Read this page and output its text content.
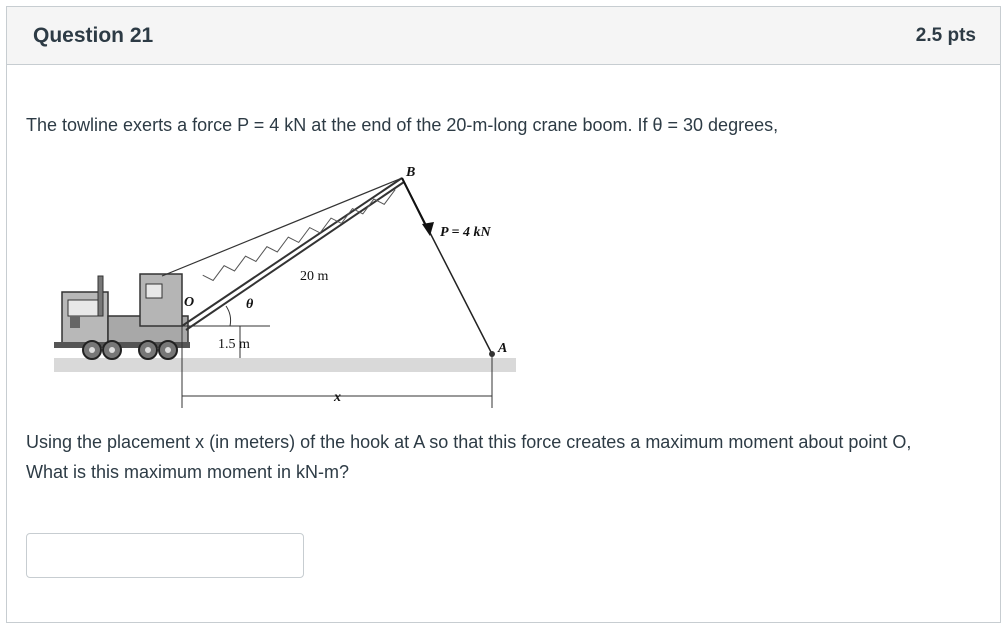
Question 21	2.5 pts
The towline exerts a force P = 4 kN at the end of the 20-m-long crane boom. If θ = 30 degrees,
B
P = 4 kN
20 m
O	θ
1.5 m	A
x
Using the placement x (in meters) of the hook at A so that this force creates a maximum moment about point O, What is this maximum moment in kN-m?
